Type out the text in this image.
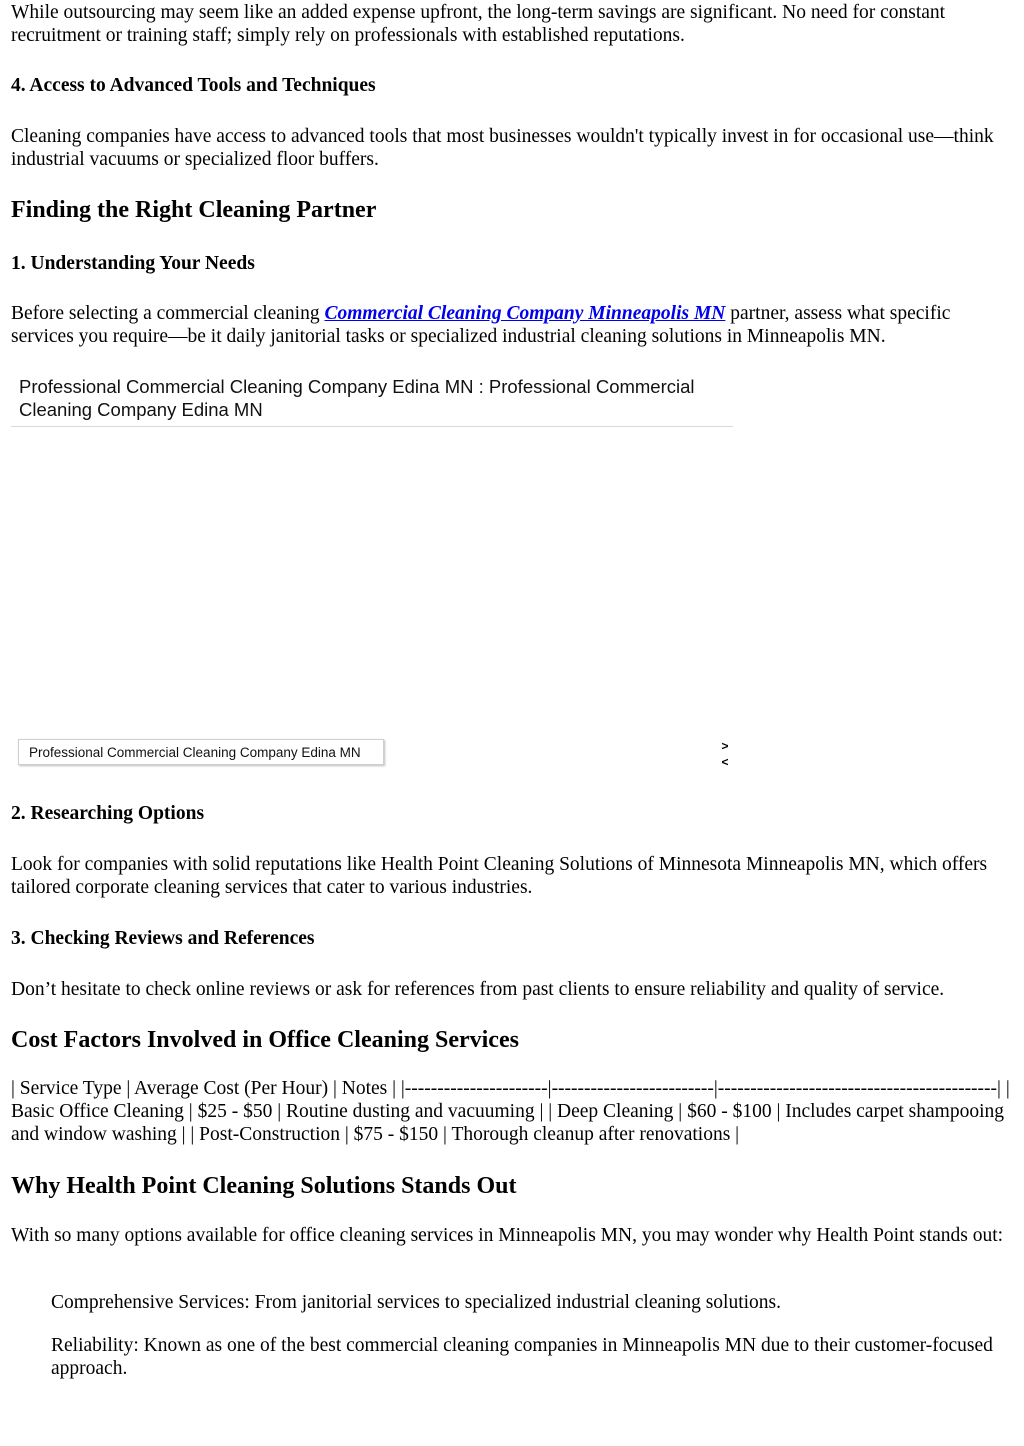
While outsourcing may seem like an added expense upfront, the long-term savings are significant. No need for constant recruitment or training staff; simply rely on professionals with established reputations.

4. Access to Advanced Tools and Techniques

Cleaning companies have access to advanced tools that most businesses wouldn't typically invest in for occasional use—think industrial vacuums or specialized floor buffers.

Finding the Right Cleaning Partner
1. Understanding Your Needs

Before selecting a commercial cleaning Commercial Cleaning Company Minneapolis MN partner, assess what specific services you require—be it daily janitorial tasks or specialized industrial cleaning solutions in Minneapolis MN.

Professional Commercial Cleaning Company Edina MN : Professional Commercial Cleaning Company Edina MN
Professional Commercial Cleaning Company Edina MN	>
<
2. Researching Options

Look for companies with solid reputations like Health Point Cleaning Solutions of Minnesota Minneapolis MN, which offers tailored corporate cleaning services that cater to various industries.

3. Checking Reviews and References

Don’t hesitate to check online reviews or ask for references from past clients to ensure reliability and quality of service.

Cost Factors Involved in Office Cleaning Services

| Service Type | Average Cost (Per Hour) | Notes | |----------------------|-------------------------|-------------------------------------------| | Basic Office Cleaning | $25 - $50 | Routine dusting and vacuuming | | Deep Cleaning | $60 - $100 | Includes carpet shampooing and window washing | | Post-Construction | $75 - $150 | Thorough cleanup after renovations |

Why Health Point Cleaning Solutions Stands Out

With so many options available for office cleaning services in Minneapolis MN, you may wonder why Health Point stands out:

Comprehensive Services: From janitorial services to specialized industrial cleaning solutions.
Reliability: Known as one of the best commercial cleaning companies in Minneapolis MN due to their customer-focused approach.
